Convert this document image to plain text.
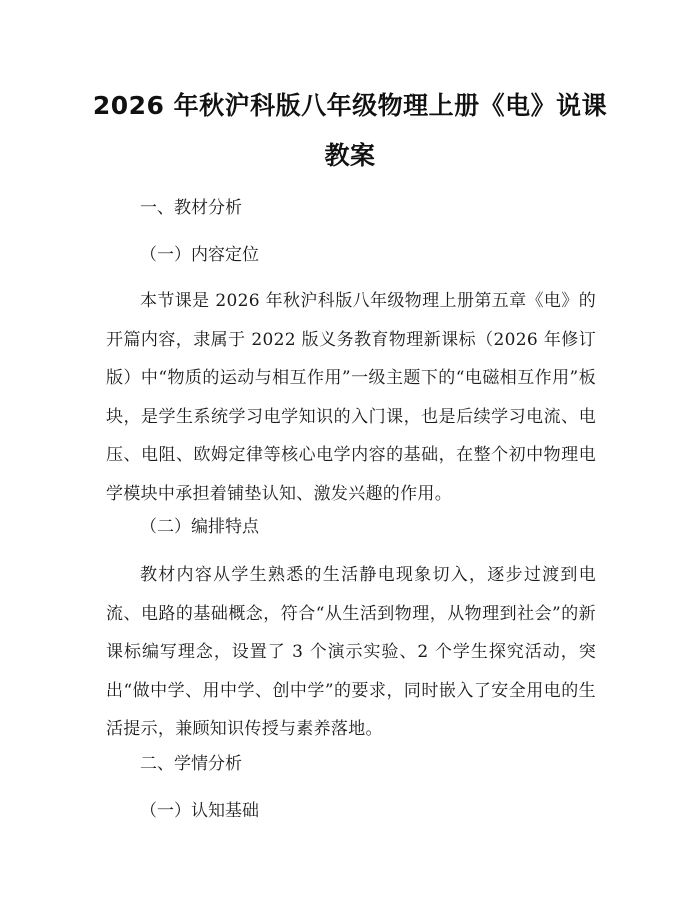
2026 年秋沪科版八年级物理上册《电》说课
教案
一、教材分析
（一）内容定位
本节课是 2026 年秋沪科版八年级物理上册第五章《电》的开篇内容，隶属于 2022 版义务教育物理新课标（2026 年修订版）中“物质的运动与相互作用”一级主题下的“电磁相互作用”板块，是学生系统学习电学知识的入门课，也是后续学习电流、电压、电阻、欧姆定律等核心电学内容的基础，在整个初中物理电学模块中承担着铺垫认知、激发兴趣的作用。
（二）编排特点
教材内容从学生熟悉的生活静电现象切入，逐步过渡到电流、电路的基础概念，符合“从生活到物理，从物理到社会”的新课标编写理念，设置了 3 个演示实验、2 个学生探究活动，突出“做中学、用中学、创中学”的要求，同时嵌入了安全用电的生活提示，兼顾知识传授与素养落地。
二、学情分析
（一）认知基础
